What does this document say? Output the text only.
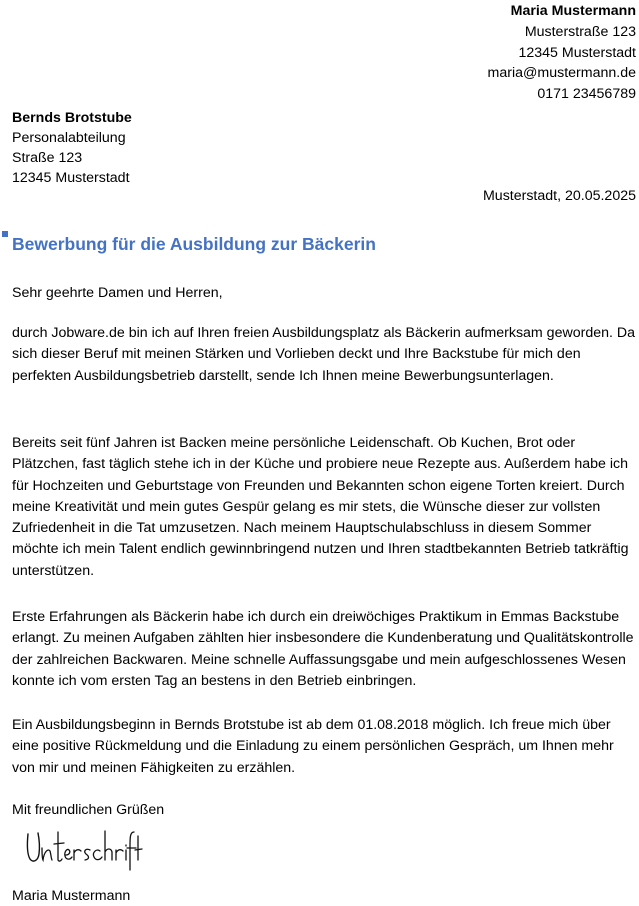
Maria Mustermann
Musterstraße 123
12345 Musterstadt
maria@mustermann.de
0171 23456789
Bernds Brotstube
Personalabteilung
Straße 123
12345 Musterstadt
Musterstadt, 20.05.2025
Bewerbung für die Ausbildung zur Bäckerin
Sehr geehrte Damen und Herren,
durch Jobware.de bin ich auf Ihren freien Ausbildungsplatz als Bäckerin aufmerksam geworden. Da sich dieser Beruf mit meinen Stärken und Vorlieben deckt und Ihre Backstube für mich den perfekten Ausbildungsbetrieb darstellt, sende Ich Ihnen meine Bewerbungsunterlagen.
Bereits seit fünf Jahren ist Backen meine persönliche Leidenschaft. Ob Kuchen, Brot oder Plätzchen, fast täglich stehe ich in der Küche und probiere neue Rezepte aus. Außerdem habe ich für Hochzeiten und Geburtstage von Freunden und Bekannten schon eigene Torten kreiert. Durch meine Kreativität und mein gutes Gespür gelang es mir stets, die Wünsche dieser zur vollsten Zufriedenheit in die Tat umzusetzen. Nach meinem Hauptschulabschluss in diesem Sommer möchte ich mein Talent endlich gewinnbringend nutzen und Ihren stadtbekannten Betrieb tatkräftig unterstützen.
Erste Erfahrungen als Bäckerin habe ich durch ein dreiwöchiges Praktikum in Emmas Backstube erlangt. Zu meinen Aufgaben zählten hier insbesondere die Kundenberatung und Qualitätskontrolle der zahlreichen Backwaren. Meine schnelle Auffassungsgabe und mein aufgeschlossenes Wesen konnte ich vom ersten Tag an bestens in den Betrieb einbringen.
Ein Ausbildungsbeginn in Bernds Brotstube ist ab dem 01.08.2018 möglich. Ich freue mich über eine positive Rückmeldung und die Einladung zu einem persönlichen Gespräch, um Ihnen mehr von mir und meinen Fähigkeiten zu erzählen.
Mit freundlichen Grüßen
Maria Mustermann
